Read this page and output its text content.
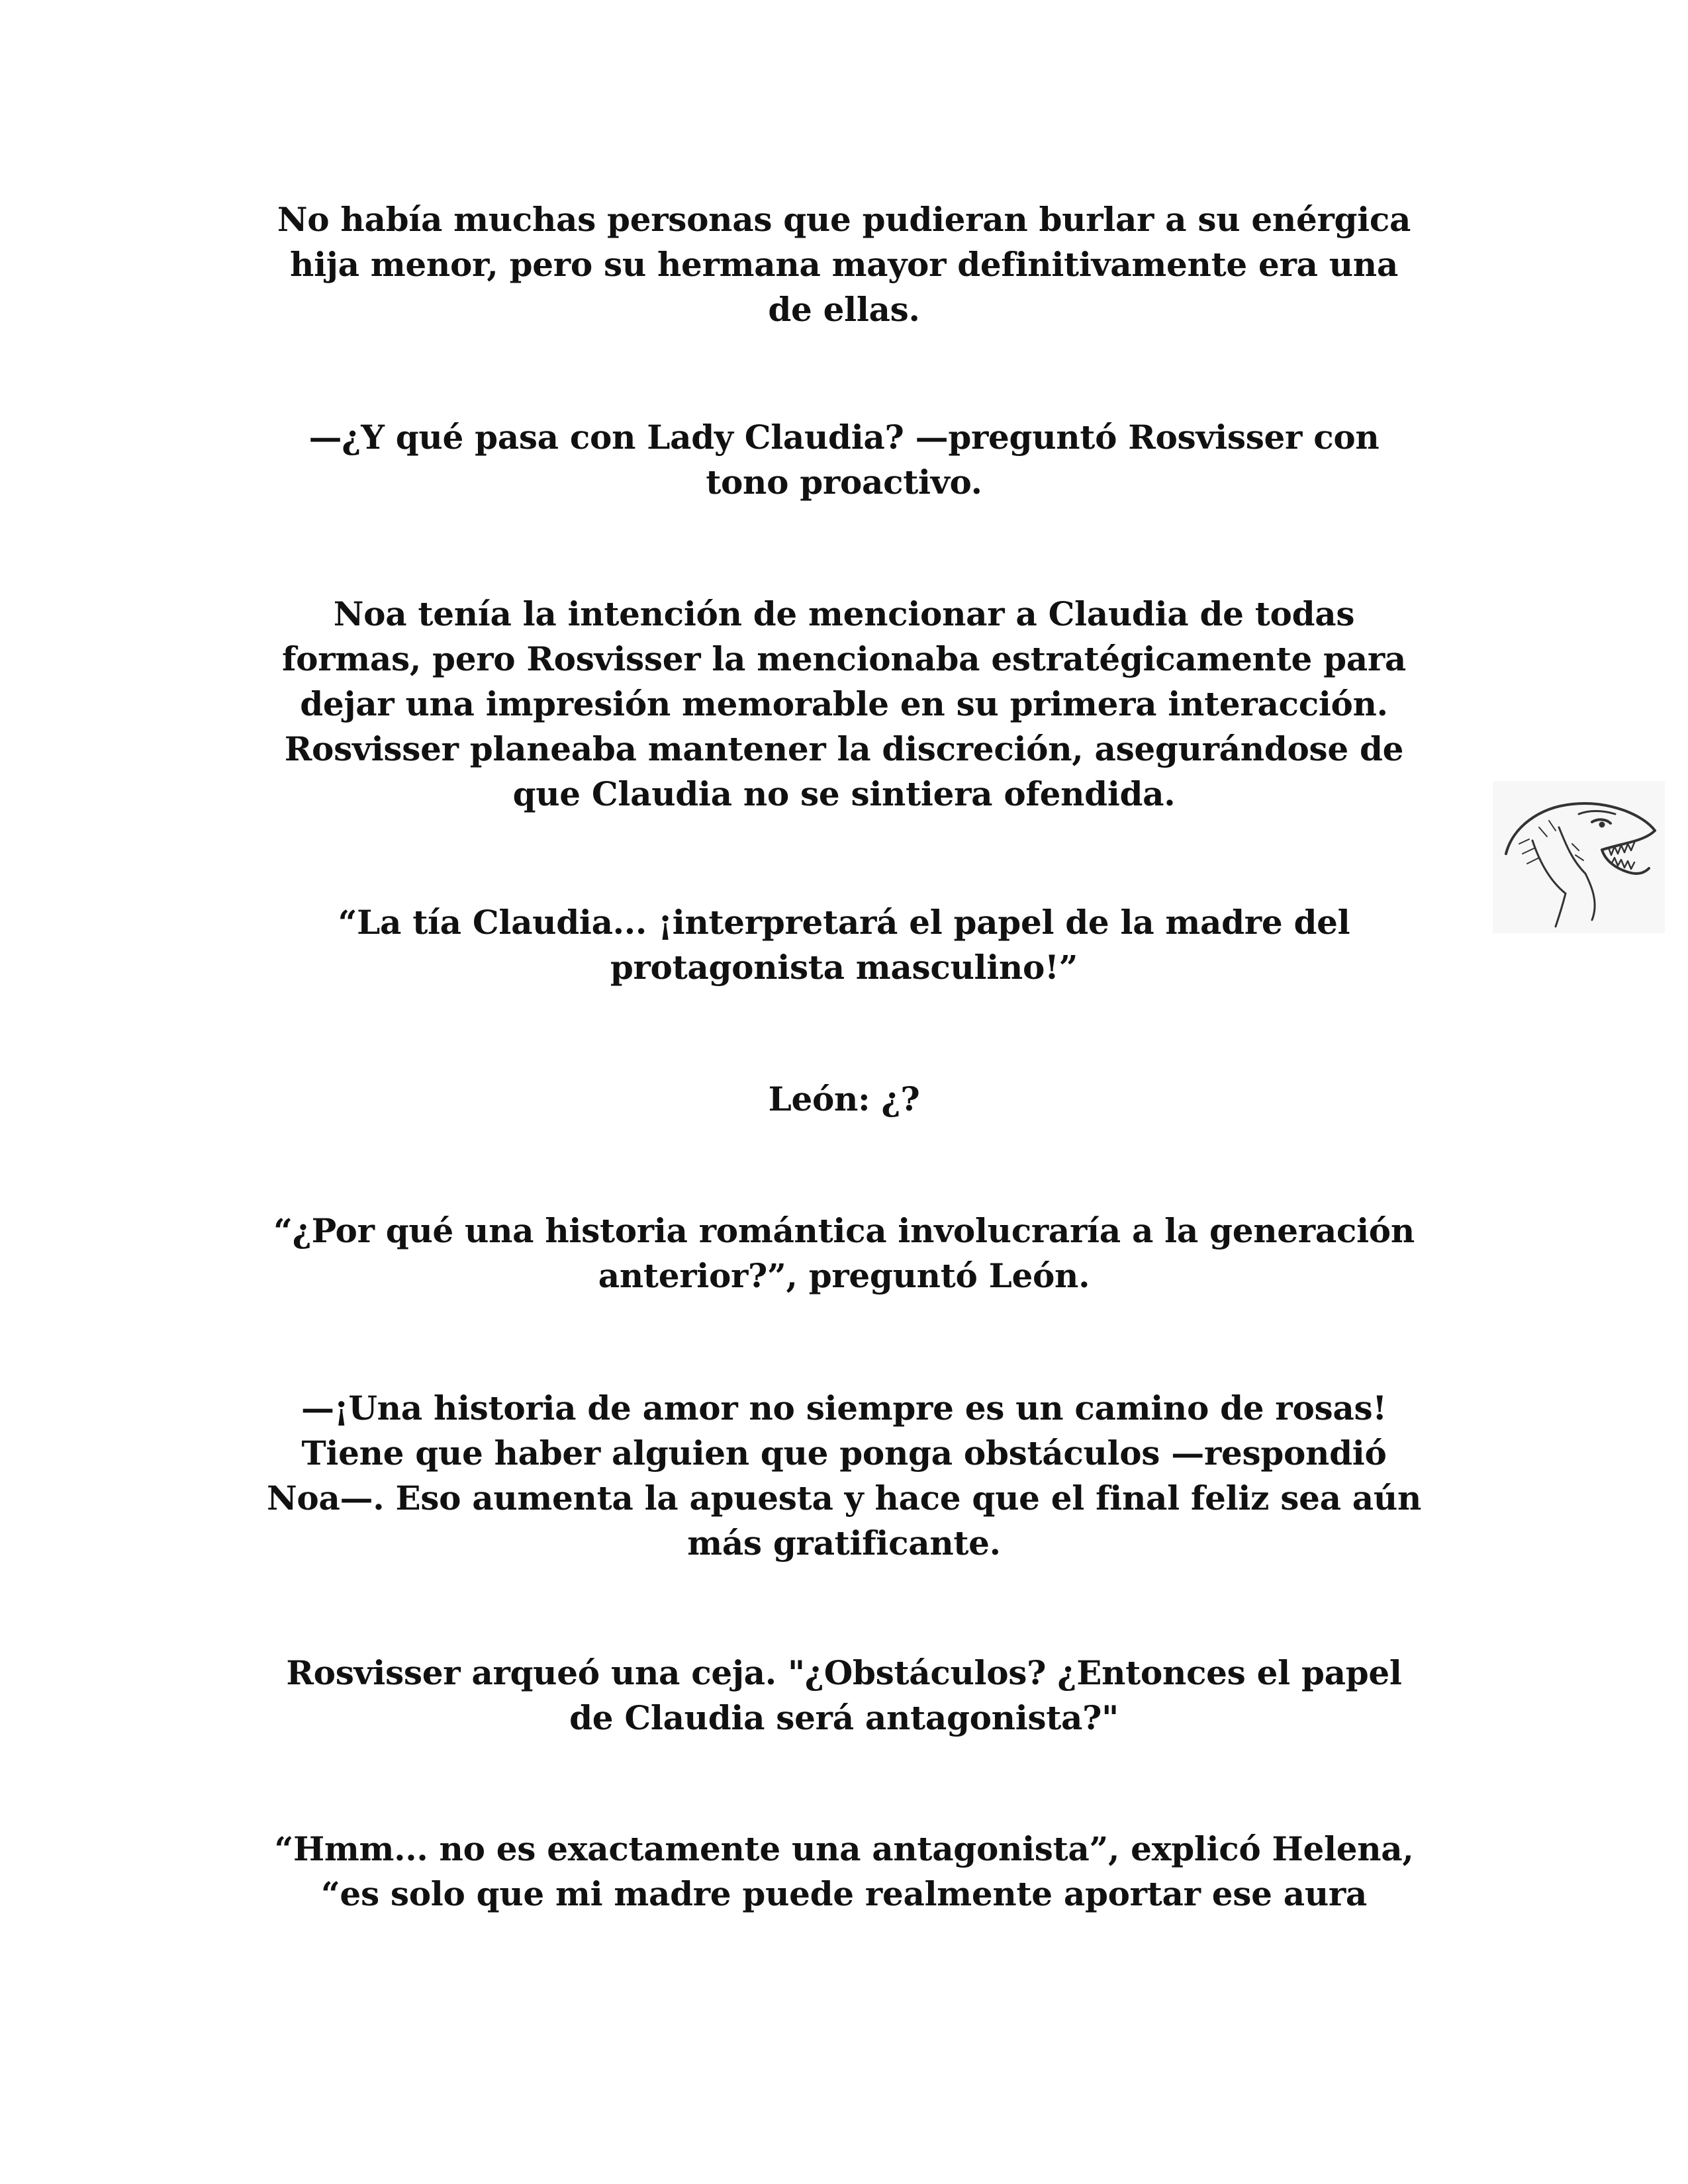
No había muchas personas que pudieran burlar a su enérgica
hija menor, pero su hermana mayor definitivamente era una
de ellas.

—¿Y qué pasa con Lady Claudia? —preguntó Rosvisser con
tono proactivo.

Noa tenía la intención de mencionar a Claudia de todas
formas, pero Rosvisser la mencionaba estratégicamente para
dejar una impresión memorable en su primera interacción.
Rosvisser planeaba mantener la discreción, asegurándose de
que Claudia no se sintiera ofendida.

“La tía Claudia... ¡interpretará el papel de la madre del
protagonista masculino!”

León: ¿?

“¿Por qué una historia romántica involucraría a la generación
anterior?”, preguntó León.

—¡Una historia de amor no siempre es un camino de rosas!
Tiene que haber alguien que ponga obstáculos —respondió
Noa—. Eso aumenta la apuesta y hace que el final feliz sea aún
más gratificante.

Rosvisser arqueó una ceja. "¿Obstáculos? ¿Entonces el papel
de Claudia será antagonista?"

“Hmm... no es exactamente una antagonista”, explicó Helena,
“es solo que mi madre puede realmente aportar ese aura
